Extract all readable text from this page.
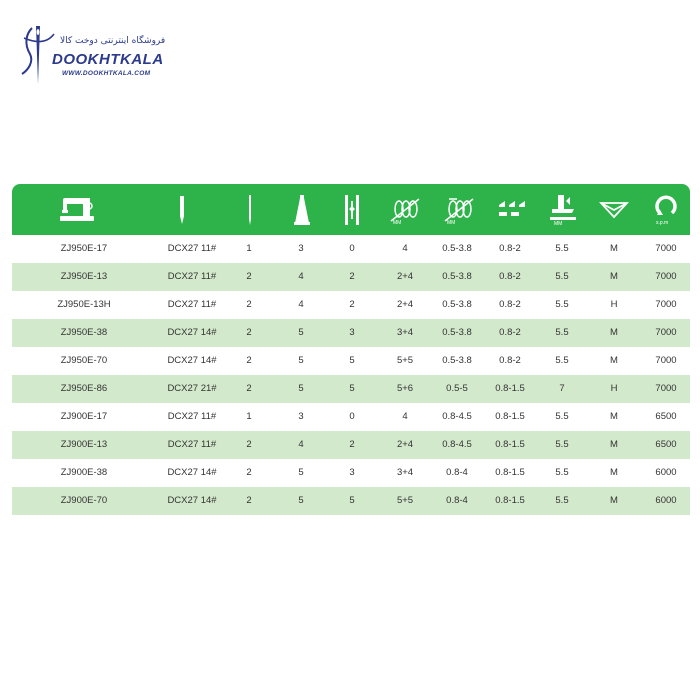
فروشگاه اینترنتی دوخت کالا
DOOKHTKALA
WWW.DOOKHTKALA.COM
MM	MM	MM	s.p.m
ZJ950E-17	DCX27 11#	1	3	0	4	0.5-3.8	0.8-2	5.5	M	7000
ZJ950E-13	DCX27 11#	2	4	2	2+4	0.5-3.8	0.8-2	5.5	M	7000
ZJ950E-13H	DCX27 11#	2	4	2	2+4	0.5-3.8	0.8-2	5.5	H	7000
ZJ950E-38	DCX27 14#	2	5	3	3+4	0.5-3.8	0.8-2	5.5	M	7000
ZJ950E-70	DCX27 14#	2	5	5	5+5	0.5-3.8	0.8-2	5.5	M	7000
ZJ950E-86	DCX27 21#	2	5	5	5+6	0.5-5	0.8-1.5	7	H	7000
ZJ900E-17	DCX27 11#	1	3	0	4	0.8-4.5	0.8-1.5	5.5	M	6500
ZJ900E-13	DCX27 11#	2	4	2	2+4	0.8-4.5	0.8-1.5	5.5	M	6500
ZJ900E-38	DCX27 14#	2	5	3	3+4	0.8-4	0.8-1.5	5.5	M	6000
ZJ900E-70	DCX27 14#	2	5	5	5+5	0.8-4	0.8-1.5	5.5	M	6000
